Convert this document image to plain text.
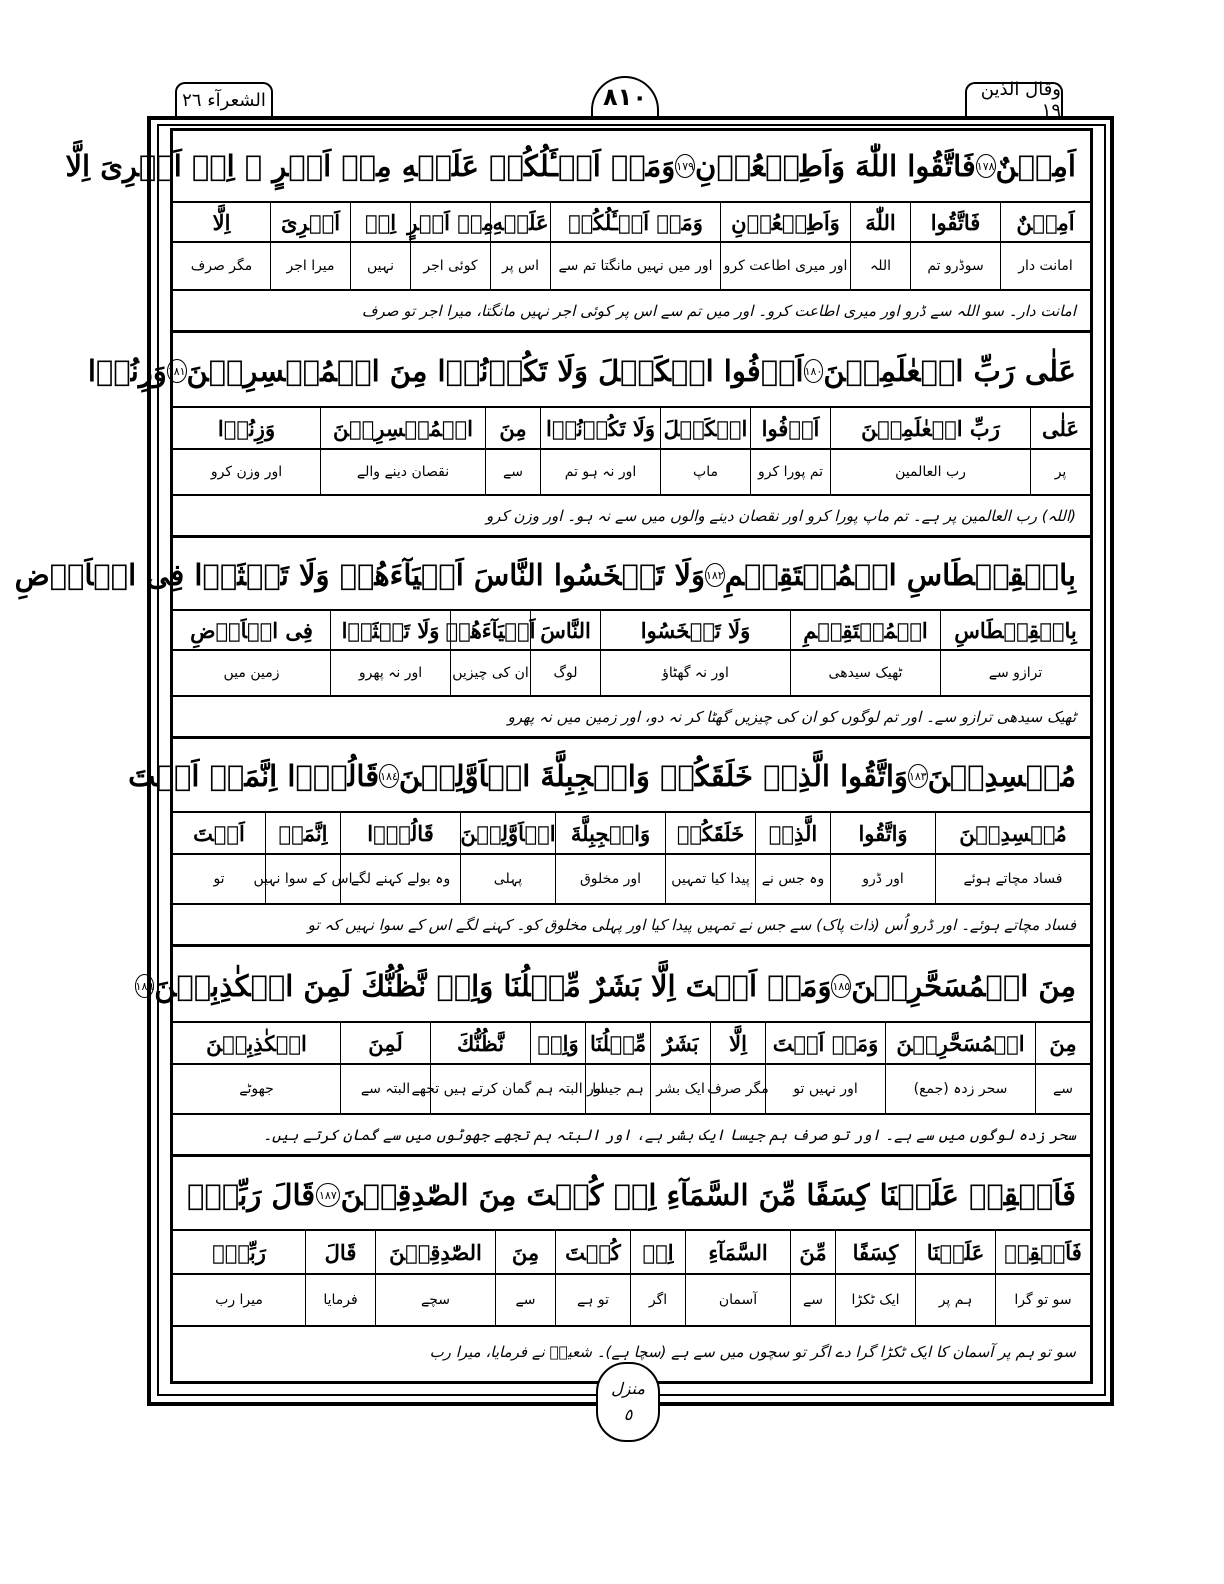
الشعرآء ٢٦	٨١٠	وقال الذین ١٩
اَمِیۡنٌ
١٧٨
فَاتَّقُوا اللّٰهَ وَاَطِیۡعُوۡنِ
١٧٩
وَمَاۤ اَسۡـَٔلُكُمۡ عَلَیۡهِ مِنۡ اَجۡرٍ ۚ اِنۡ اَجۡرِیَ اِلَّا
اَمِیۡنٌ
فَاتَّقُوا
اللّٰهَ
وَاَطِیۡعُوۡنِ
وَمَاۤ اَسۡـَٔلُكُمۡ
عَلَیۡهِ
مِنۡ اَجۡرٍ
اِنۡ
اَجۡرِیَ
اِلَّا
امانت دار
سوڈرو تم
اللہ
اور میری اطاعت کرو
اور میں نہیں مانگتا تم سے
اس پر
کوئی اجر
نہیں
میرا اجر
مگر صرف
امانت دار۔ سو اللہ سے ڈرو اور میری اطاعت کرو۔ اور میں تم سے اس پر کوئی اجر نہیں مانگتا، میرا اجر تو صرف
عَلٰی رَبِّ الۡعٰلَمِیۡنَ
١٨٠
اَوۡفُوا الۡكَیۡلَ وَلَا تَكُوۡنُوۡا مِنَ الۡمُخۡسِرِیۡنَ
١٨١
وَزِنُوۡا
عَلٰی
رَبِّ الۡعٰلَمِیۡنَ
اَوۡفُوا
الۡكَیۡلَ
وَلَا تَكُوۡنُوۡا
مِنَ
الۡمُخۡسِرِیۡنَ
وَزِنُوۡا
پر
رب العالمین
تم پورا کرو
ماپ
اور نہ ہو تم
سے
نقصان دینے والے
اور وزن کرو
(اللہ) رب العالمین پر ہے۔ تم ماپ پورا کرو اور نقصان دینے والوں میں سے نہ ہو۔ اور وزن کرو
بِالۡقِسۡطَاسِ الۡمُسۡتَقِیۡمِ
١٨٢
وَلَا تَبۡخَسُوا النَّاسَ اَشۡیَآءَهُمۡ وَلَا تَعۡثَوۡا فِی الۡاَرۡضِ
بِالۡقِسۡطَاسِ
الۡمُسۡتَقِیۡمِ
وَلَا تَبۡخَسُوا
النَّاسَ
اَشۡیَآءَهُمۡ
وَلَا تَعۡثَوۡا
فِی الۡاَرۡضِ
ترازو سے
ٹھیک سیدھی
اور نہ گھٹاؤ
لوگ
ان کی چیزیں
اور نہ پھرو
زمین میں
ٹھیک سیدھی ترازو سے۔ اور تم لوگوں کو ان کی چیزیں گھٹا کر نہ دو، اور زمین میں نہ پھرو
مُفۡسِدِیۡنَ
١٨٣
وَاتَّقُوا الَّذِیۡ خَلَقَكُمۡ وَالۡجِبِلَّةَ الۡاَوَّلِیۡنَ
١٨٤
قَالُوۡۤا اِنَّمَاۤ اَنۡتَ
مُفۡسِدِیۡنَ
وَاتَّقُوا
الَّذِیۡ
خَلَقَكُمۡ
وَالۡجِبِلَّةَ
الۡاَوَّلِیۡنَ
قَالُوۡۤا
اِنَّمَاۤ
اَنۡتَ
فساد مچاتے ہوئے
اور ڈرو
وہ جس نے
پیدا کیا تمہیں
اور مخلوق
پہلی
وہ بولے کہنے لگے
اس کے سوا نہیں
تو
فساد مچاتے ہوئے۔ اور ڈرو اُس (ذات پاک) سے جس نے تمہیں پیدا کیا اور پہلی مخلوق کو۔ کہنے لگے اس کے سوا نہیں کہ تو
مِنَ الۡمُسَحَّرِیۡنَ
١٨٥
وَمَاۤ اَنۡتَ اِلَّا بَشَرٌ مِّثۡلُنَا وَاِنۡ نَّظُنُّكَ لَمِنَ الۡكٰذِبِیۡنَ
١٨٦
مِنَ
الۡمُسَحَّرِیۡنَ
وَمَاۤ اَنۡتَ
اِلَّا
بَشَرٌ
مِّثۡلُنَا
وَاِنۡ
نَّظُنُّكَ
لَمِنَ
الۡكٰذِبِیۡنَ
سے
سحر زدہ (جمع)
اور نہیں تو
مگر صرف
ایک بشر
ہم جیسا
اور البتہ ہم گمان کرتے ہیں تجھے
البتہ سے
جھوٹے
سحر زدہ لوگوں میں سے ہے۔ اور تو صرف ہم جیسا ایک بشر ہے، اور البتہ ہم تجھے جھوٹوں میں سے گمان کرتے ہیں۔
فَاَسۡقِطۡ عَلَیۡنَا كِسَفًا مِّنَ السَّمَآءِ اِنۡ كُنۡتَ مِنَ الصّٰدِقِیۡنَ
١٨٧
قَالَ رَبِّیۡۤ
فَاَسۡقِطۡ
عَلَیۡنَا
كِسَفًا
مِّنَ
السَّمَآءِ
اِنۡ
كُنۡتَ
مِنَ
الصّٰدِقِیۡنَ
قَالَ
رَبِّیۡۤ
سو تو گرا
ہم پر
ایک ٹکڑا
سے
آسمان
اگر
تو ہے
سے
سچے
فرمایا
میرا رب
سو تو ہم پر آسمان کا ایک ٹکڑا گرا دے اگر تو سچوں میں سے ہے (سچا ہے)۔ شعیبؑ نے فرمایا، میرا رب
منزل
٥
